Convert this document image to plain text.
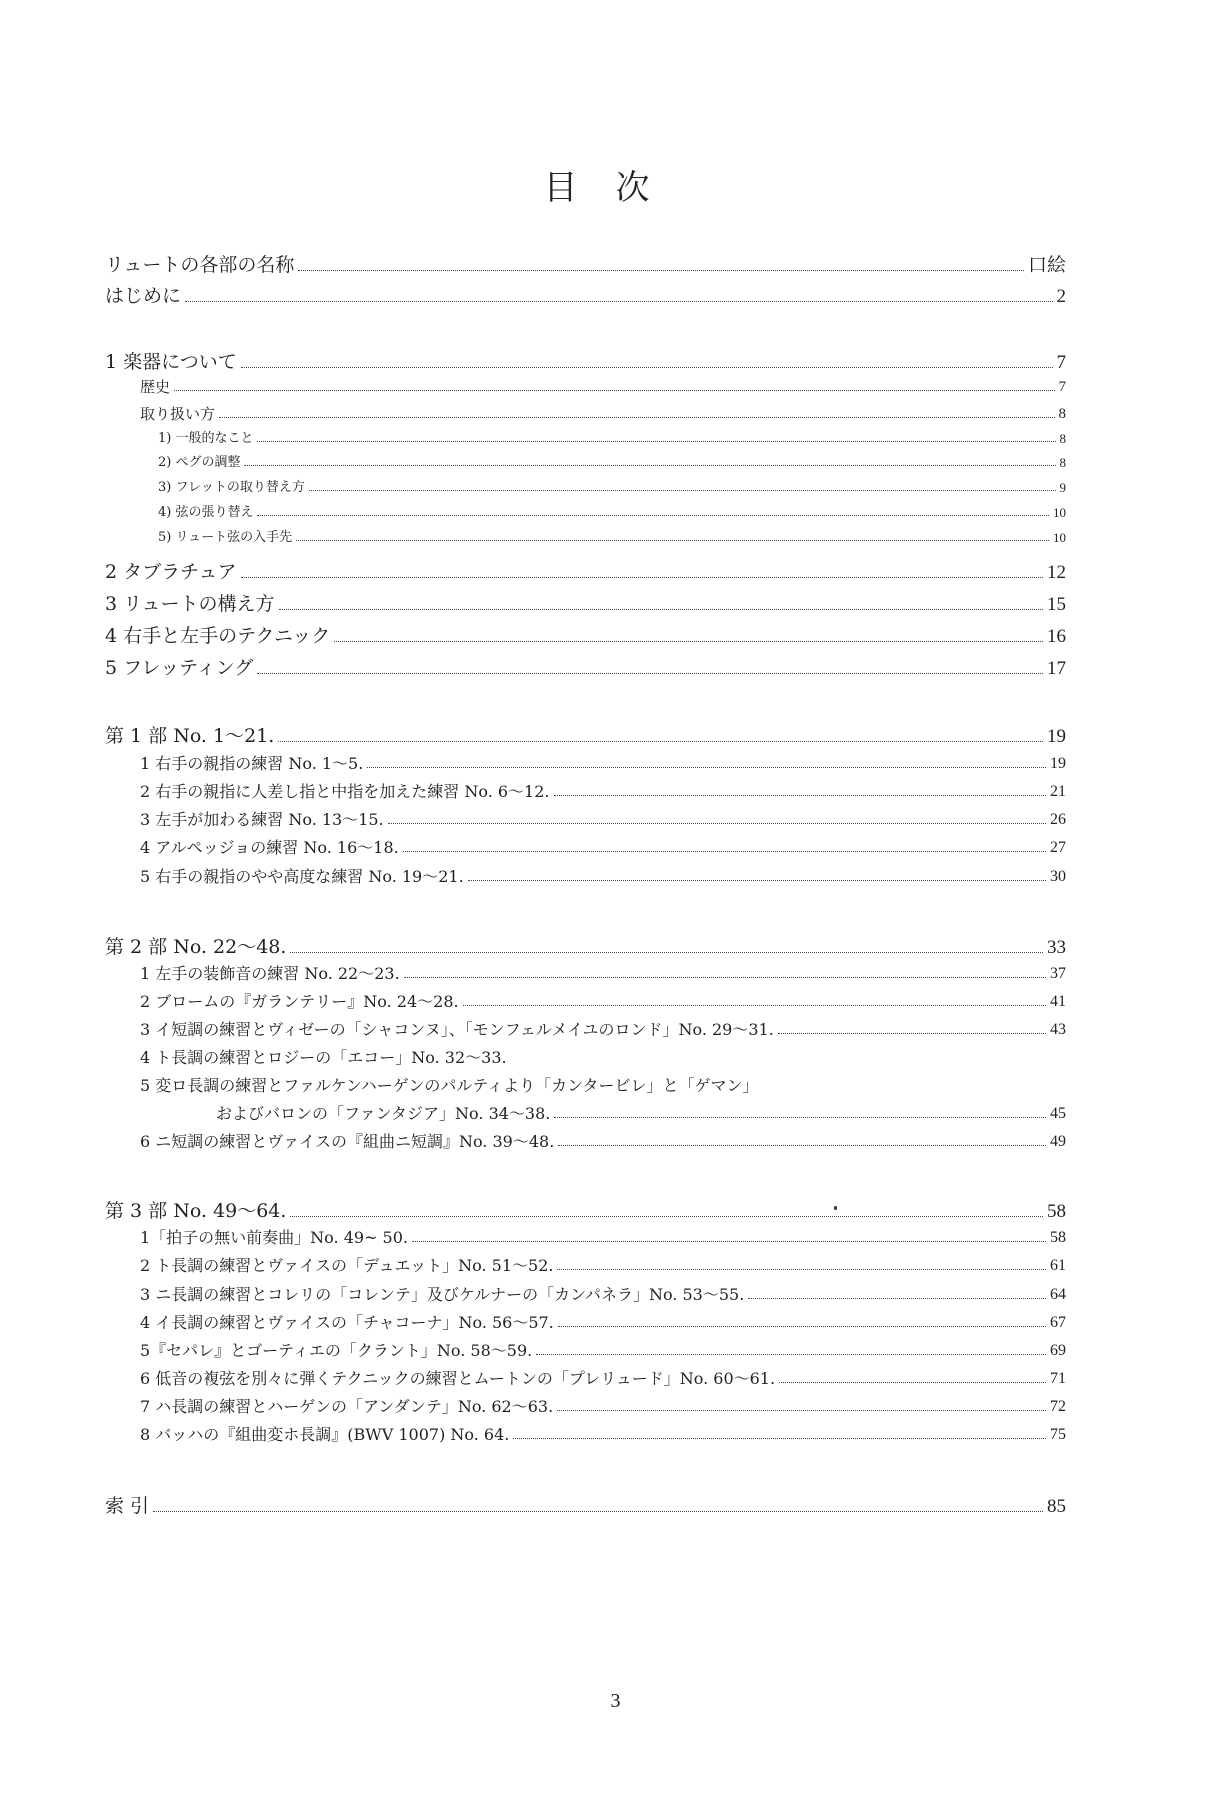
目次
リュートの各部の名称	口絵
はじめに	2
1 楽器について	7
歴史	7
取り扱い方	8
1) 一般的なこと	8
2) ペグの調整	8
3) フレットの取り替え方	9
4) 弦の張り替え	10
5) リュート弦の入手先	10
2 タブラチュア	12
3 リュートの構え方	15
4 右手と左手のテクニック	16
5 フレッティング	17
第 1 部 No. 1〜21.	19
1 右手の親指の練習 No. 1〜5.	19
2 右手の親指に人差し指と中指を加えた練習 No. 6〜12.	21
3 左手が加わる練習 No. 13〜15.	26
4 アルペッジョの練習 No. 16〜18.	27
5 右手の親指のやや高度な練習 No. 19〜21.	30
第 2 部 No. 22〜48.	33
1 左手の装飾音の練習 No. 22〜23.	37
2 ブロームの『ガランテリー』No. 24〜28.	41
3 イ短調の練習とヴィゼーの「シャコンヌ」、「モンフェルメイユのロンド」No. 29〜31.	43
4 ト長調の練習とロジーの「エコー」No. 32〜33.
5 変ロ長調の練習とファルケンハーゲンのパルティより「カンタービレ」と「ゲマン」
およびバロンの「ファンタジア」No. 34〜38.	45
6 ニ短調の練習とヴァイスの『組曲ニ短調』No. 39〜48.	49
第 3 部 No. 49〜64.	58
1「拍子の無い前奏曲」No. 49~ 50.	58
2 ト長調の練習とヴァイスの「デュエット」No. 51〜52.	61
3 ニ長調の練習とコレリの「コレンテ」及びケルナーの「カンパネラ」No. 53〜55.	64
4 イ長調の練習とヴァイスの「チャコーナ」No. 56〜57.	67
5『セパレ』とゴーティエの「クラント」No. 58〜59.	69
6 低音の複弦を別々に弾くテクニックの練習とムートンの「プレリュード」No. 60〜61.	71
7 ハ長調の練習とハーゲンの「アンダンテ」No. 62〜63.	72
8 バッハの『組曲変ホ長調』(BWV 1007) No. 64.	75
索 引	85
3
